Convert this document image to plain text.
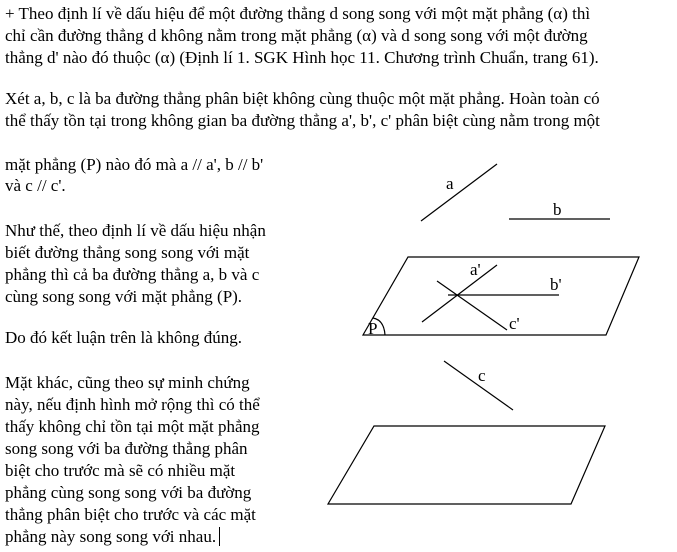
+ Theo định lí về dấu hiệu để một đường thẳng d song song với một mặt phẳng (α) thì
chỉ cần đường thẳng d không nằm trong mặt phẳng (α) và d song song với một đường
thẳng d' nào đó thuộc (α) (Định lí 1. SGK Hình học 11. Chương trình Chuẩn, trang 61).
Xét a, b, c là ba đường thẳng phân biệt không cùng thuộc một mặt phẳng. Hoàn toàn có
thể thấy tồn tại trong không gian ba đường thẳng a', b', c' phân biệt cùng nằm trong một
mặt phẳng (P) nào đó mà a // a', b // b'
và c // c'.
Như thế, theo định lí về dấu hiệu nhận
biết đường thẳng song song với mặt
phẳng thì cả ba đường thẳng a, b và c
cùng song song với mặt phẳng (P).
Do đó kết luận trên là không đúng.
Mặt khác, cũng theo sự minh chứng
này, nếu định hình mở rộng thì có thể
thấy không chỉ tồn tại một mặt phẳng
song song với ba đường thẳng phân
biệt cho trước mà sẽ có nhiều mặt
phẳng cùng song song với ba đường
thẳng phân biệt cho trước và các mặt
phẳng này song song với nhau.
a
b
a'
b'
c'
c
P
